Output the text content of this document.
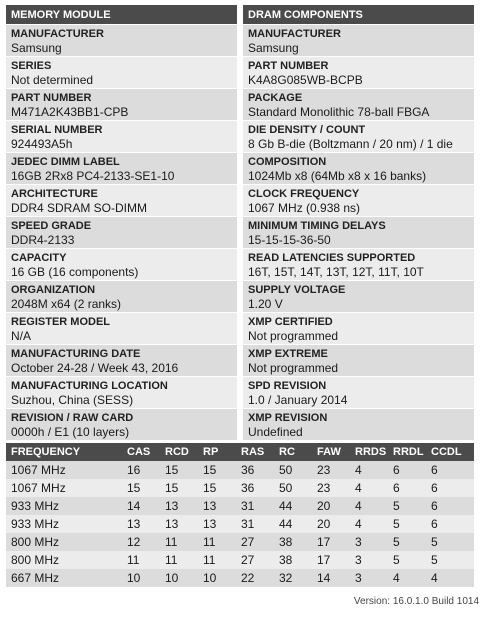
MEMORY MODULE
MANUFACTURER
Samsung
SERIES
Not determined
PART NUMBER
M471A2K43BB1-CPB
SERIAL NUMBER
924493A5h
JEDEC DIMM LABEL
16GB 2Rx8 PC4-2133-SE1-10
ARCHITECTURE
DDR4 SDRAM SO-DIMM
SPEED GRADE
DDR4-2133
CAPACITY
16 GB (16 components)
ORGANIZATION
2048M x64 (2 ranks)
REGISTER MODEL
N/A
MANUFACTURING DATE
October 24-28 / Week 43, 2016
MANUFACTURING LOCATION
Suzhou, China (SESS)
REVISION / RAW CARD
0000h / E1 (10 layers)
DRAM COMPONENTS
MANUFACTURER
Samsung
PART NUMBER
K4A8G085WB-BCPB
PACKAGE
Standard Monolithic 78-ball FBGA
DIE DENSITY / COUNT
8 Gb B-die (Boltzmann / 20 nm) / 1 die
COMPOSITION
1024Mb x8 (64Mb x8 x 16 banks)
CLOCK FREQUENCY
1067 MHz (0.938 ns)
MINIMUM TIMING DELAYS
15-15-15-36-50
READ LATENCIES SUPPORTED
16T, 15T, 14T, 13T, 12T, 11T, 10T
SUPPLY VOLTAGE
1.20 V
XMP CERTIFIED
Not programmed
XMP EXTREME
Not programmed
SPD REVISION
1.0 / January 2014
XMP REVISION
Undefined
FREQUENCY	CAS	RCD	RP	RAS	RC	FAW	RRDS RRDL CCDL
1067 MHz	16	15	15	36	50	23	4	6	6
1067 MHz	15	15	15	36	50	23	4	6	6
933 MHz	14	13	13	31	44	20	4	5	6
933 MHz	13	13	13	31	44	20	4	5	6
800 MHz	12	11	11	27	38	17	3	5	5
800 MHz	11	11	11	27	38	17	3	5	5
667 MHz	10	10	10	22	32	14	3	4	4
Version: 16.0.1.0 Build 1014
